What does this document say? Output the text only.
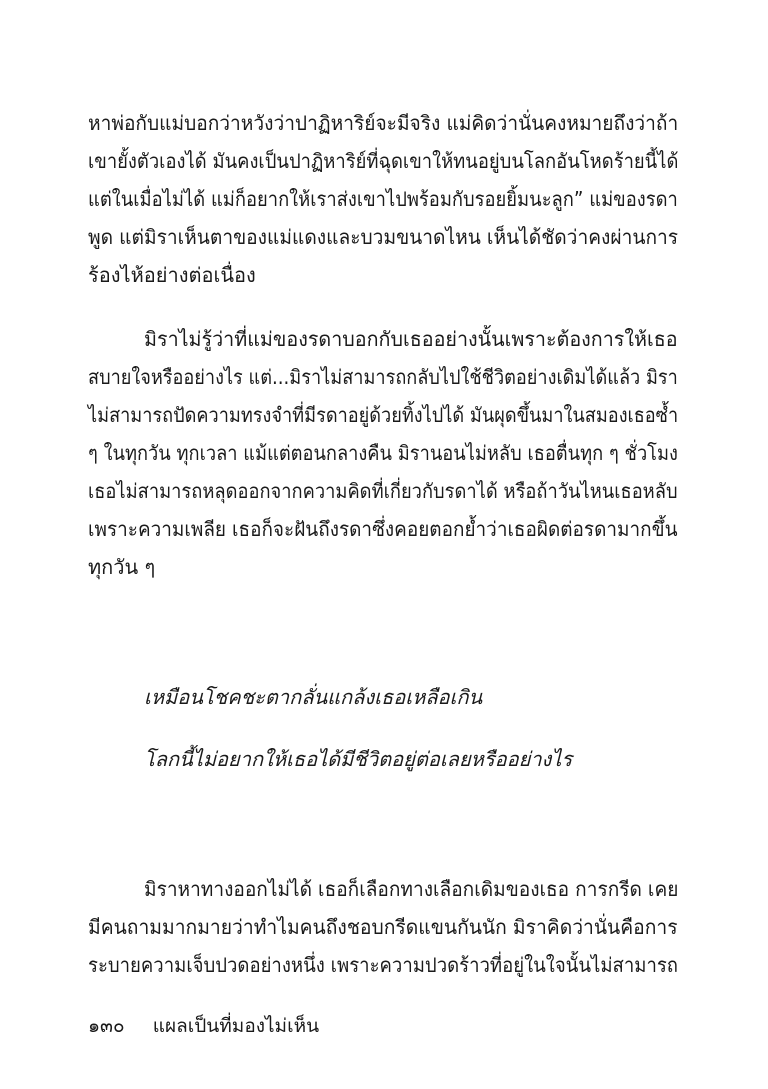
หาพ่อกับแม่บอกว่าหวังว่าปาฏิหาริย์จะมีจริง แม่คิดว่านั่นคงหมายถึงว่าถ้า
เขายั้งตัวเองได้ มันคงเป็นปาฏิหาริย์ที่ฉุดเขาให้ทนอยู่บนโลกอันโหดร้ายนี้ได้
แต่ในเมื่อไม่ได้ แม่ก็อยากให้เราส่งเขาไปพร้อมกับรอยยิ้มนะลูก” แม่ของรดา
พูด แต่มิราเห็นตาของแม่แดงและบวมขนาดไหน เห็นได้ชัดว่าคงผ่านการ
ร้องไห้อย่างต่อเนื่อง
มิราไม่รู้ว่าที่แม่ของรดาบอกกับเธออย่างนั้นเพราะต้องการให้เธอ
สบายใจหรืออย่างไร แต่...มิราไม่สามารถกลับไปใช้ชีวิตอย่างเดิมได้แล้ว มิรา
ไม่สามารถปัดความทรงจำที่มีรดาอยู่ด้วยทิ้งไปได้ มันผุดขึ้นมาในสมองเธอซ้ำ
ๆ ในทุกวัน ทุกเวลา แม้แต่ตอนกลางคืน มิรานอนไม่หลับ เธอตื่นทุก ๆ ชั่วโมง
เธอไม่สามารถหลุดออกจากความคิดที่เกี่ยวกับรดาได้ หรือถ้าวันไหนเธอหลับ
เพราะความเพลีย เธอก็จะฝันถึงรดาซึ่งคอยตอกย้ำว่าเธอผิดต่อรดามากขึ้น
ทุกวัน ๆ
เหมือนโชคชะตากลั่นแกล้งเธอเหลือเกิน
โลกนี้ไม่อยากให้เธอได้มีชีวิตอยู่ต่อเลยหรืออย่างไร
มิราหาทางออกไม่ได้ เธอก็เลือกทางเลือกเดิมของเธอ การกรีด เคย
มีคนถามมากมายว่าทำไมคนถึงชอบกรีดแขนกันนัก มิราคิดว่านั่นคือการ
ระบายความเจ็บปวดอย่างหนึ่ง เพราะความปวดร้าวที่อยู่ในใจนั้นไม่สามารถ
๑๓๐ แผลเป็นที่มองไม่เห็น
